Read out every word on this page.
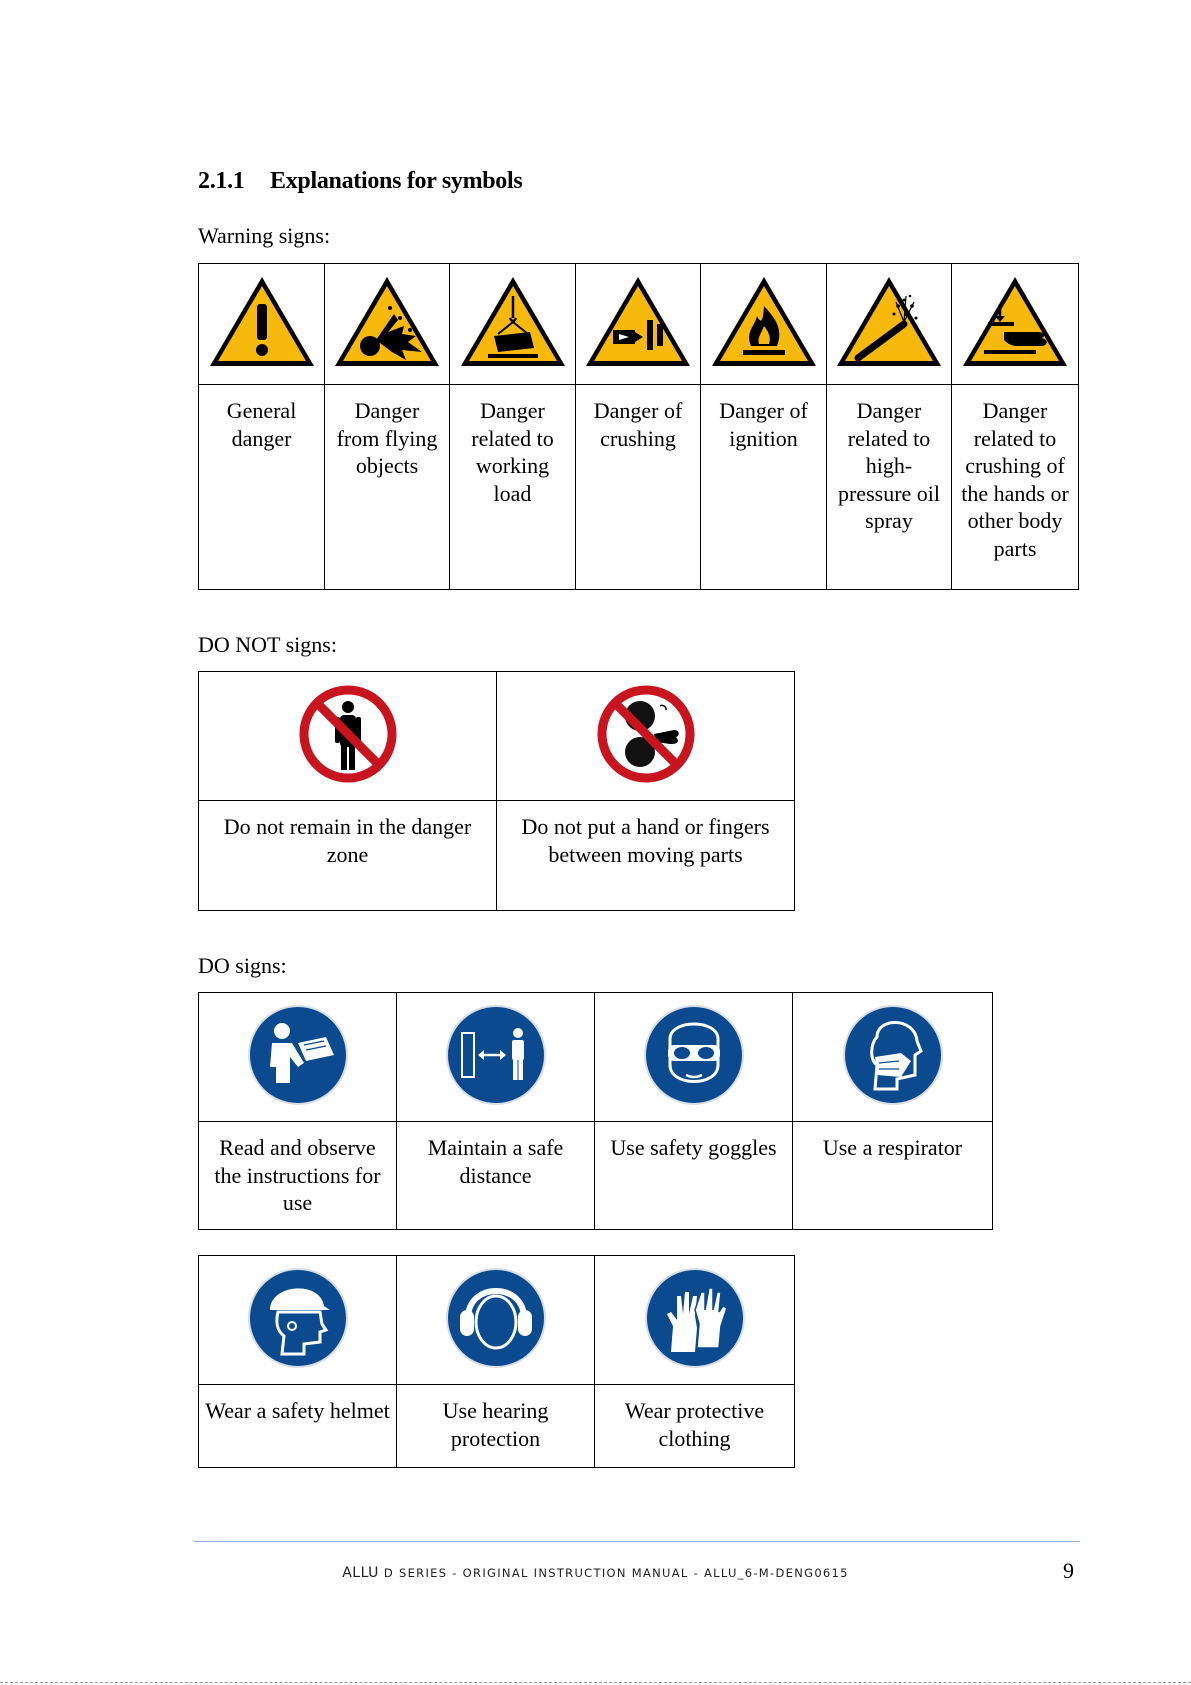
2.1.1 Explanations for symbols
Warning signs:

General danger	Danger from flying objects	Danger related to working load	Danger of crushing	Danger of ignition	Danger related to high-pressure oil spray	Danger related to crushing of the hands or other body parts
DO NOT signs:

Do not remain in the danger zone	Do not put a hand or fingers between moving parts
DO signs:

Read and observe the instructions for use	Maintain a safe distance	Use safety goggles	Use a respirator

Wear a safety helmet	Use hearing protection	Wear protective clothing
ALLU D SERIES - ORIGINAL INSTRUCTION MANUAL - ALLU_6-M-DENG0615	9
